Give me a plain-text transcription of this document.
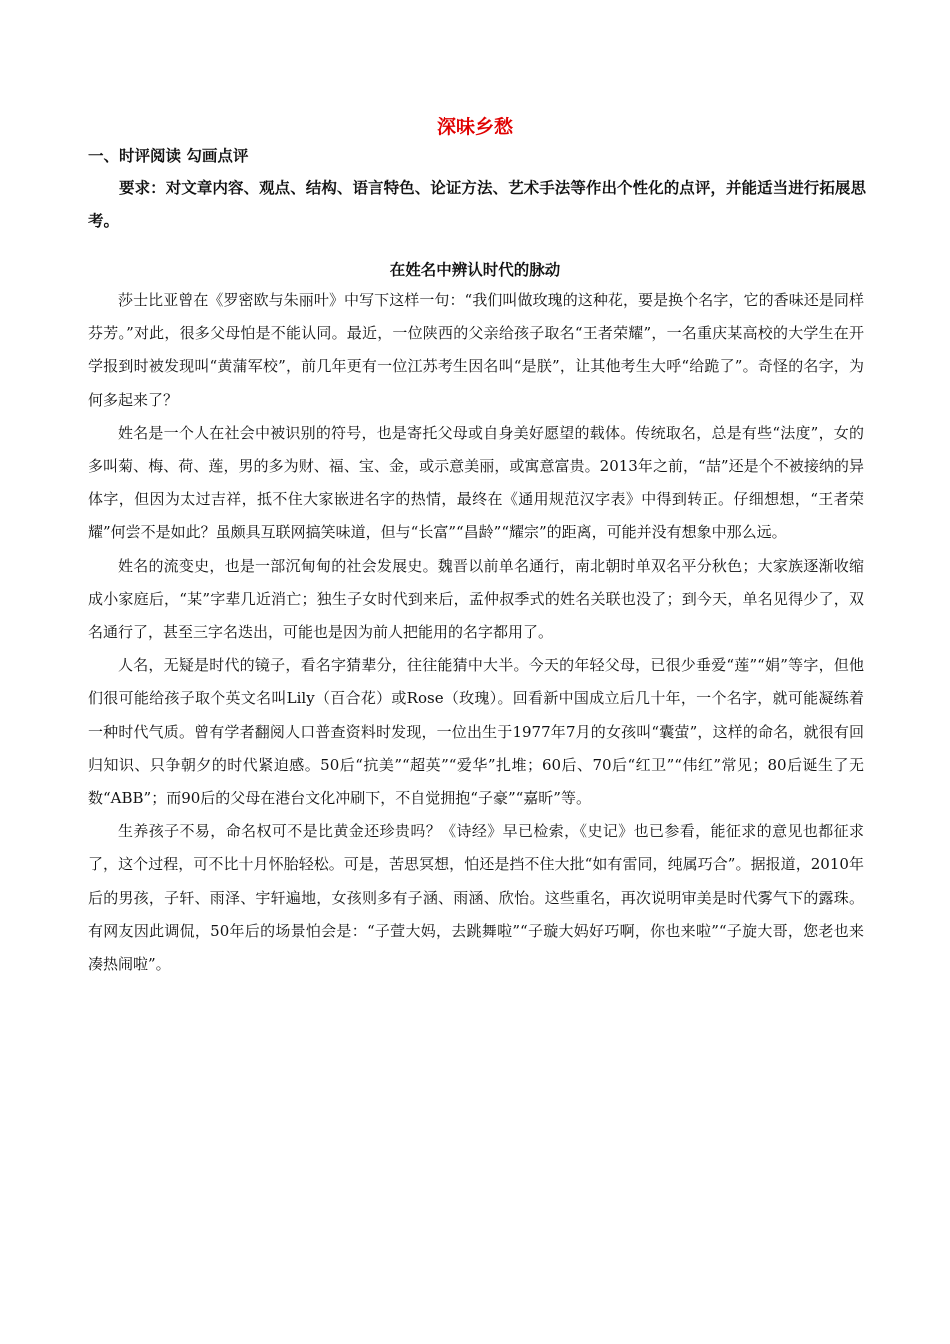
深味乡愁
一、时评阅读 勾画点评
要求：对文章内容、观点、结构、语言特色、论证方法、艺术手法等作出个性化的点评，并能适当进行拓展思考。
在姓名中辨认时代的脉动

莎士比亚曾在《罗密欧与朱丽叶》中写下这样一句：“我们叫做玫瑰的这种花，要是换个名字，它的香味还是同样芬芳。”对此，很多父母怕是不能认同。最近，一位陕西的父亲给孩子取名“王者荣耀”，一名重庆某高校的大学生在开学报到时被发现叫“黄蒲军校”，前几年更有一位江苏考生因名叫“是朕”，让其他考生大呼“给跪了”。奇怪的名字，为何多起来了？

姓名是一个人在社会中被识别的符号，也是寄托父母或自身美好愿望的载体。传统取名，总是有些“法度”，女的多叫菊、梅、荷、莲，男的多为财、福、宝、金，或示意美丽，或寓意富贵。2013年之前，“喆”还是个不被接纳的异体字，但因为太过吉祥，抵不住大家嵌进名字的热情，最终在《通用规范汉字表》中得到转正。仔细想想，“王者荣耀”何尝不是如此？虽颇具互联网搞笑味道，但与“长富”“昌龄”“耀宗”的距离，可能并没有想象中那么远。

姓名的流变史，也是一部沉甸甸的社会发展史。魏晋以前单名通行，南北朝时单双名平分秋色；大家族逐渐收缩成小家庭后，“某”字辈几近消亡；独生子女时代到来后，孟仲叔季式的姓名关联也没了；到今天，单名见得少了，双名通行了，甚至三字名迭出，可能也是因为前人把能用的名字都用了。

人名，无疑是时代的镜子，看名字猜辈分，往往能猜中大半。今天的年轻父母，已很少垂爱“莲”“娟”等字，但他们很可能给孩子取个英文名叫Lily（百合花）或Rose（玫瑰）。回看新中国成立后几十年，一个名字，就可能凝练着一种时代气质。曾有学者翻阅人口普查资料时发现，一位出生于1977年7月的女孩叫“囊萤”，这样的命名，就很有回归知识、只争朝夕的时代紧迫感。50后“抗美”“超英”“爱华”扎堆；60后、70后“红卫”“伟红”常见；80后诞生了无数“ABB”；而90后的父母在港台文化冲刷下，不自觉拥抱“子豪”“嘉昕”等。

生养孩子不易，命名权可不是比黄金还珍贵吗？《诗经》早已检索，《史记》也已参看，能征求的意见也都征求了，这个过程，可不比十月怀胎轻松。可是，苦思冥想，怕还是挡不住大批“如有雷同，纯属巧合”。据报道，2010年后的男孩，子轩、雨泽、宇轩遍地，女孩则多有子涵、雨涵、欣怡。这些重名，再次说明审美是时代雾气下的露珠。有网友因此调侃，50年后的场景怕会是：“子萱大妈，去跳舞啦”“子璇大妈好巧啊，你也来啦”“子旋大哥，您老也来凑热闹啦”。
